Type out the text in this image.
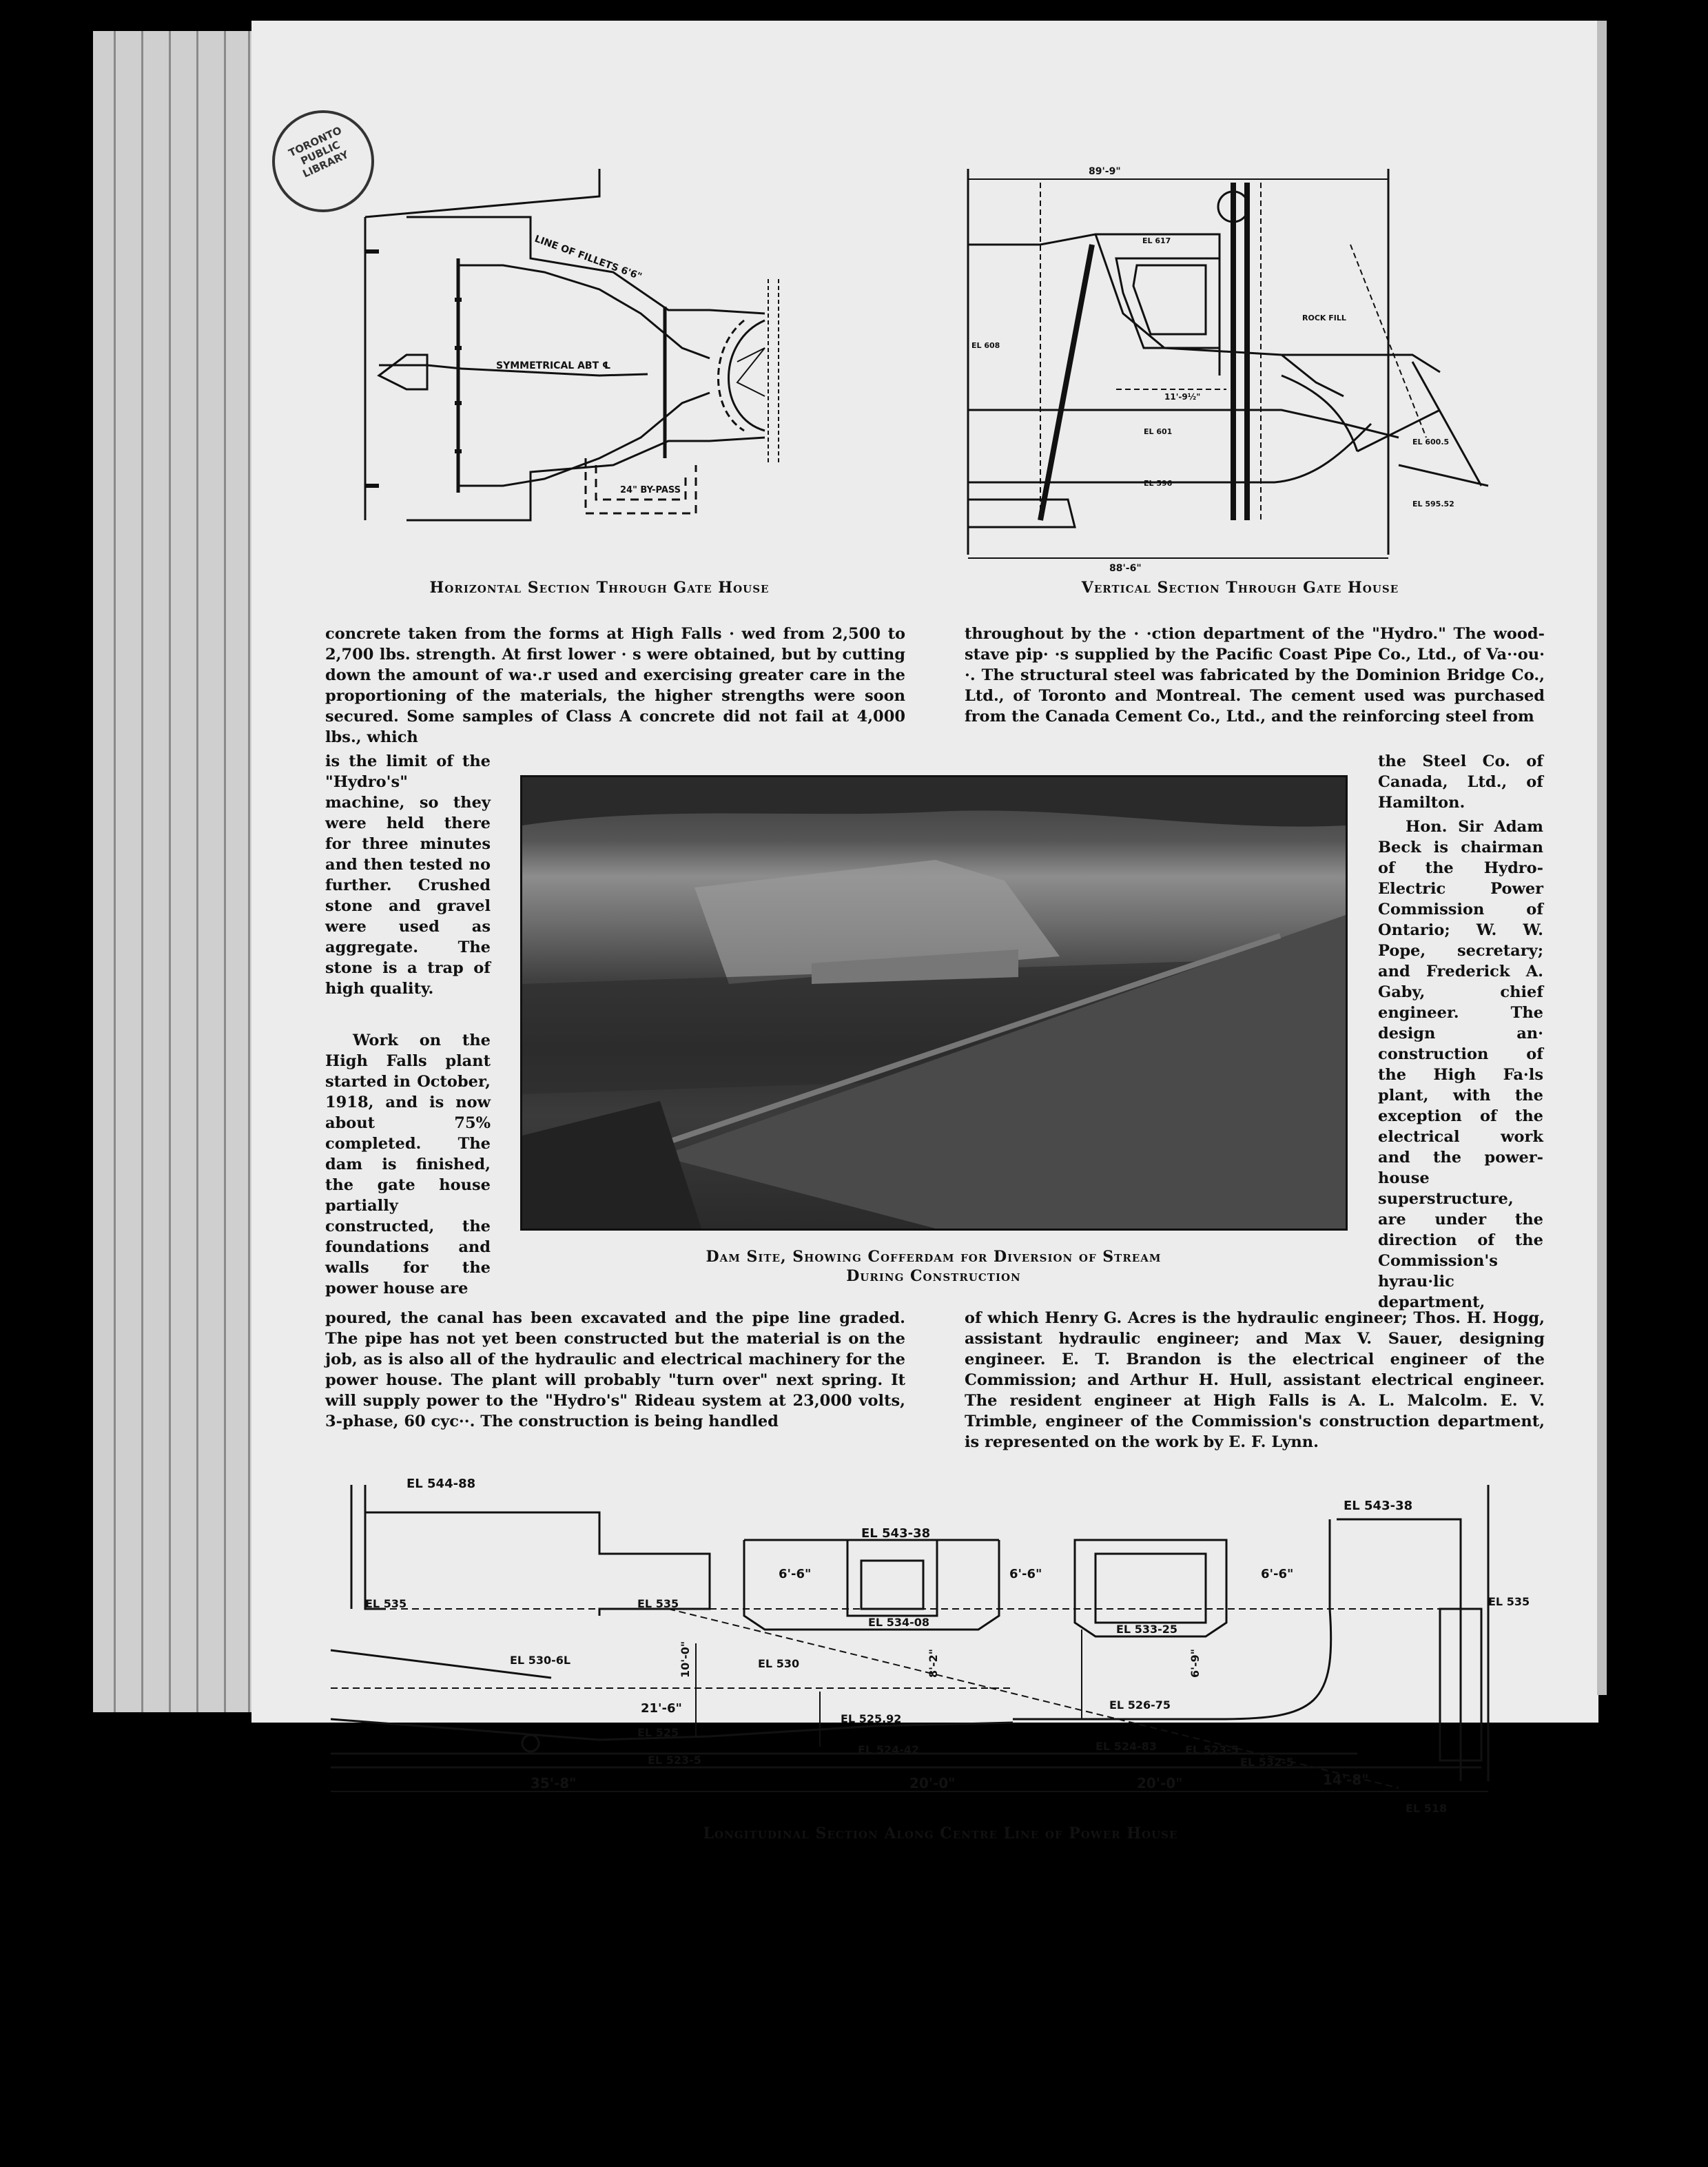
TORONTO PUBLIC LIBRARY
LINE OF FILLETS 6'6"
SYMMETRICAL ABT ℄
24" BY-PASS
Horizontal Section Through Gate House
89'-9"
EL 617
EL 608
ROCK FILL
11'-9½"
EL 601
EL 596
EL 600.5
EL 595.52
88'-6"
Vertical Section Through Gate House

concrete taken from the forms at High Falls · wed from 2,500 to 2,700 lbs. strength. At first lower · s were obtained, but by cutting down the amount of wa·.r used and exercising greater care in the proportioning of the materials, the higher strengths were soon secured. Some samples of Class A concrete did not fail at 4,000 lbs., which

is the limit of the "Hydro's" machine, so they were held there for three minutes and then tested no further. Crushed stone and gravel were used as aggregate. The stone is a trap of high quality.

Work on the High Falls plant started in October, 1918, and is now about 75% completed. The dam is finished, the gate house partially constructed, the foundations and walls for the power house are

poured, the canal has been excavated and the pipe line graded. The pipe has not yet been constructed but the material is on the job, as is also all of the hydraulic and electrical machinery for the power house. The plant will probably "turn over" next spring. It will supply power to the "Hydro's" Rideau system at 23,000 volts, 3-phase, 60 cyc··. The construction is being handled

throughout by the · ·ction department of the "Hydro." The wood-stave pip· ·s supplied by the Pacific Coast Pipe Co., Ltd., of Va··ou· ·. The structural steel was fabricated by the Dominion Bridge Co., Ltd., of Toronto and Montreal. The cement used was purchased from the Canada Cement Co., Ltd., and the reinforcing steel from

the Steel Co. of Canada, Ltd., of Hamilton.

Hon. Sir Adam Beck is chairman of the Hydro-Electric Power Commission of Ontario; W. W. Pope, secretary; and Frederick A. Gaby, chief engineer. The design an· construction of the High Fa·ls plant, with the exception of the electrical work and the power-house superstructure, are under the direction of the Commission's hyrau·lic department,

of which Henry G. Acres is the hydraulic engineer; Thos. H. Hogg, assistant hydraulic engineer; and Max V. Sauer, designing engineer. E. T. Brandon is the electrical engineer of the Commission; and Arthur H. Hull, assistant electrical engineer. The resident engineer at High Falls is A. L. Malcolm. E. V. Trimble, engineer of the Commission's construction department, is represented on the work by E. F. Lynn.

Dam Site, Showing Cofferdam for Diversion of Stream
During Construction
EL 544-88
EL 543-38
EL 543-38
6'-6"	6'-6"	6'-6"
EL 535	EL 535	EL 535
EL 534-08
EL 533-25
EL 530-6L	EL 530
10'-0"	8'-2"	6'-9"
21'-6"
EL 525
EL 525.92
EL 526-75
EL 524-42	EL 524-83
EL 523-5
EL 523-5
EL 532-5
35'-8"	20'-0"	20'-0"	14'-8"
EL 518
Longitudinal Section Along Centre Line of Power House
